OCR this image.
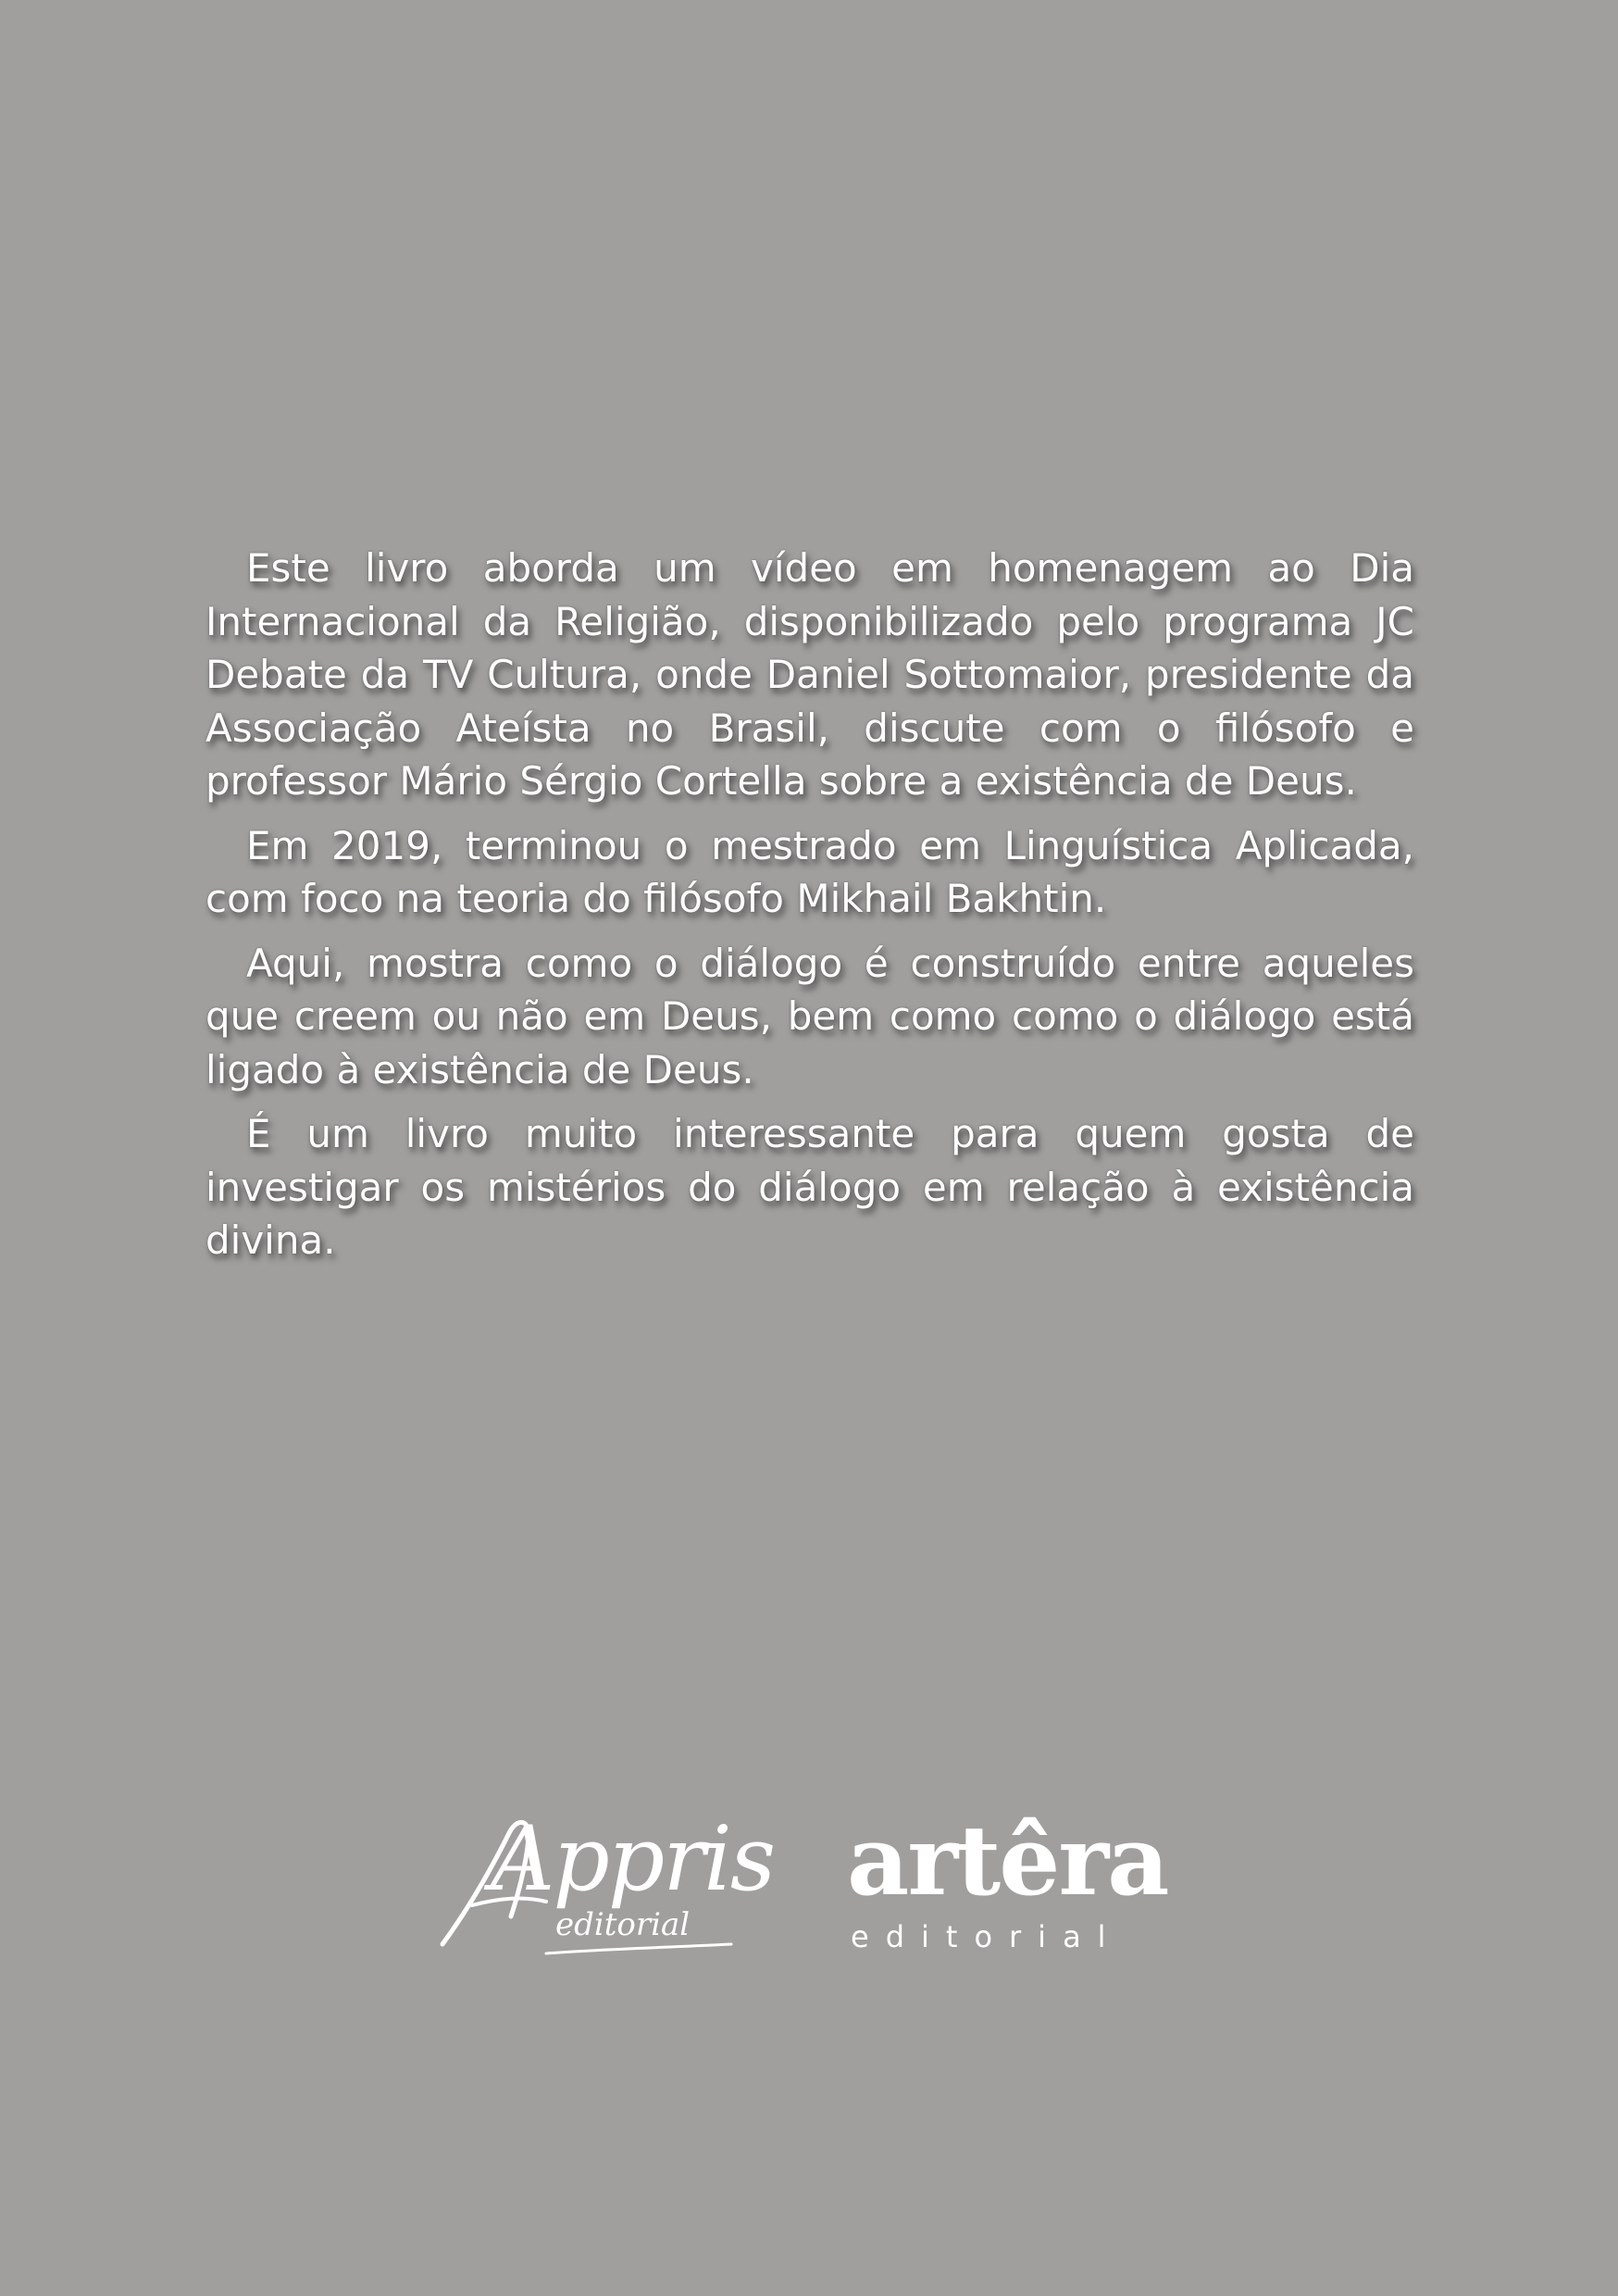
Este livro aborda um vídeo em homenagem ao Dia Internacional da Religião, disponibilizado pelo programa JC Debate da TV Cultura, onde Daniel Sottomaior, presidente da Associação Ateísta no Brasil, discute com o filósofo e professor Mário Sérgio Cortella sobre a existência de Deus.

Em 2019, terminou o mestrado em Linguística Aplicada, com foco na teoria do filósofo Mikhail Bakhtin.

Aqui, mostra como o diálogo é construído entre aqueles que creem ou não em Deus, bem como como o diálogo está ligado à existência de Deus.

É um livro muito interessante para quem gosta de investigar os mistérios do diálogo em relação à existência divina.

Appris
editorial
artêra
editorial
